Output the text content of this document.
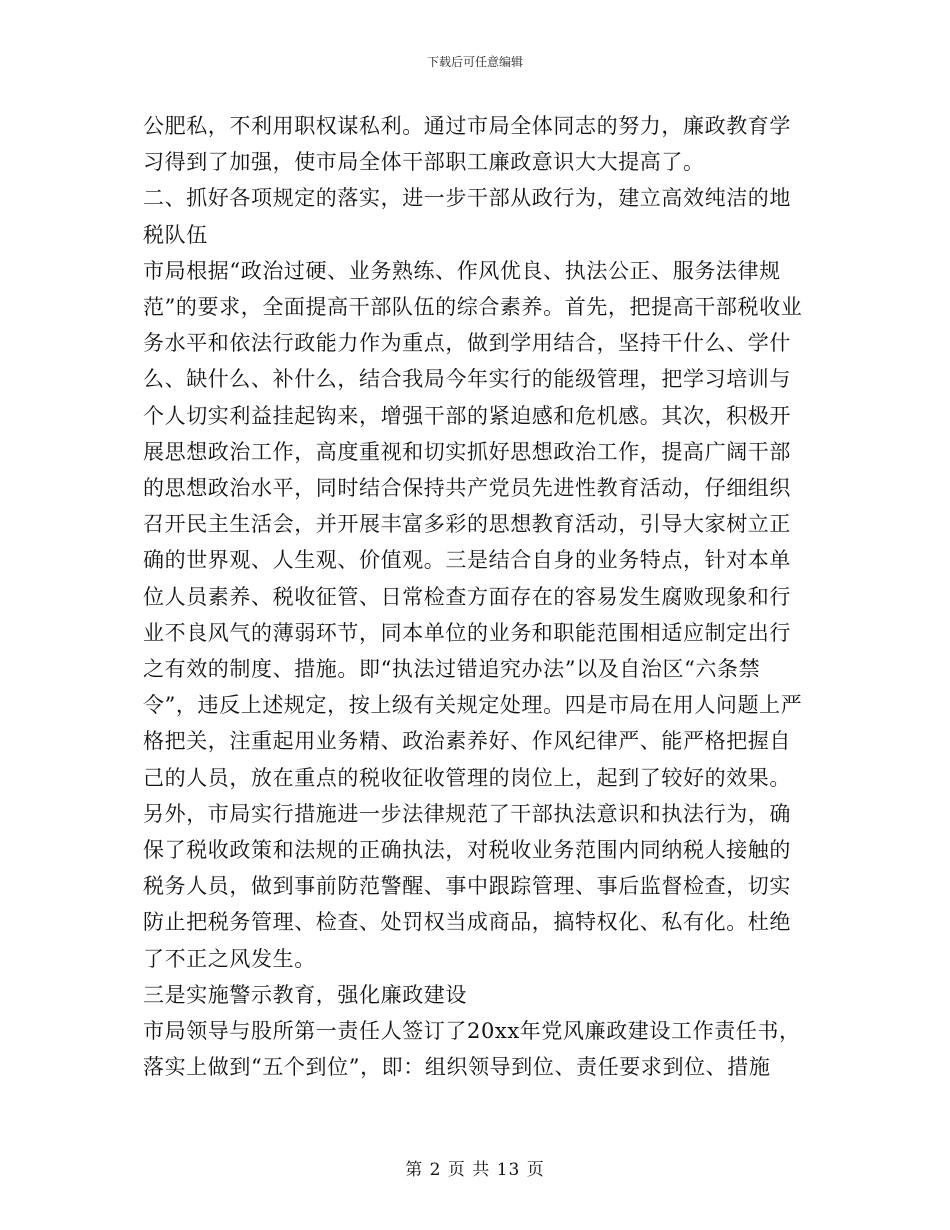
下载后可任意编辑

公肥私，不利用职权谋私利。通过市局全体同志的努力，廉政教育学习得到了加强，使市局全体干部职工廉政意识大大提高了。

二、抓好各项规定的落实，进一步干部从政行为，建立高效纯洁的地税队伍

市局根据“政治过硬、业务熟练、作风优良、执法公正、服务法律规范”的要求，全面提高干部队伍的综合素养。首先，把提高干部税收业务水平和依法行政能力作为重点，做到学用结合，坚持干什么、学什么、缺什么、补什么，结合我局今年实行的能级管理，把学习培训与个人切实利益挂起钩来，增强干部的紧迫感和危机感。其次，积极开展思想政治工作，高度重视和切实抓好思想政治工作，提高广阔干部的思想政治水平，同时结合保持共产党员先进性教育活动，仔细组织召开民主生活会，并开展丰富多彩的思想教育活动，引导大家树立正确的世界观、人生观、价值观。三是结合自身的业务特点，针对本单位人员素养、税收征管、日常检查方面存在的容易发生腐败现象和行业不良风气的薄弱环节，同本单位的业务和职能范围相适应制定出行之有效的制度、措施。即“执法过错追究办法”以及自治区“六条禁令”，违反上述规定，按上级有关规定处理。四是市局在用人问题上严格把关，注重起用业务精、政治素养好、作风纪律严、能严格把握自己的人员，放在重点的税收征收管理的岗位上，起到了较好的效果。另外，市局实行措施进一步法律规范了干部执法意识和执法行为，确保了税收政策和法规的正确执法，对税收业务范围内同纳税人接触的税务人员，做到事前防范警醒、事中跟踪管理、事后监督检查，切实防止把税务管理、检查、处罚权当成商品，搞特权化、私有化。杜绝了不正之风发生。

三是实施警示教育，强化廉政建设

市局领导与股所第一责任人签订了20xx年党风廉政建设工作责任书，落实上做到“五个到位”，即：组织领导到位、责任要求到位、措施

第 2 页 共 13 页
